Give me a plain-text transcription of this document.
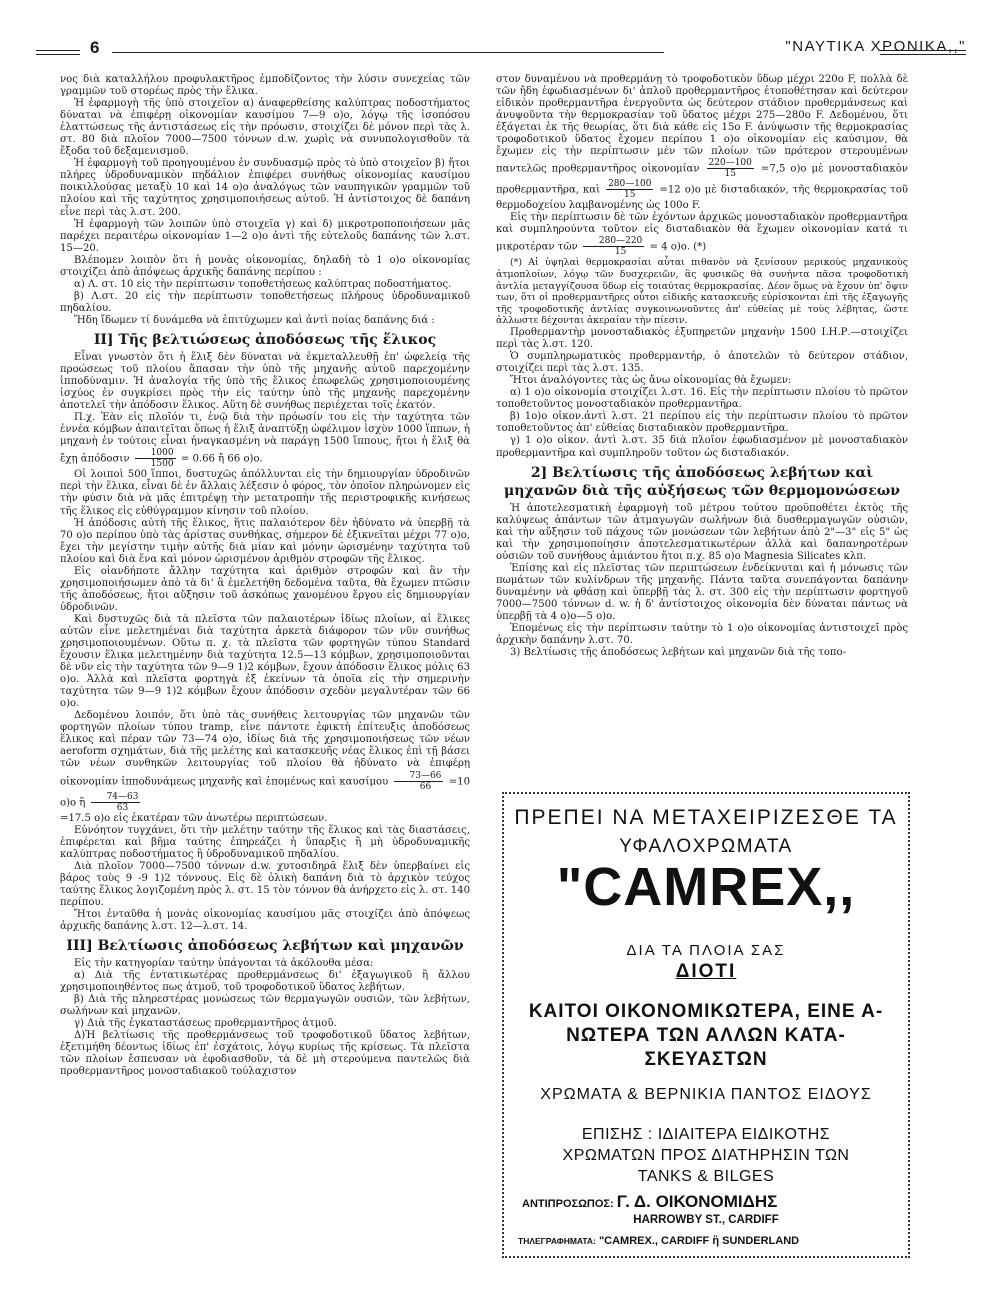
6	"ΝΑΥΤΙΚΑ ΧΡΟΝΙΚΑ,,"

νος διὰ καταλλήλου προφυλακτῆρος ἐμποδίζοντος τὴν λύσιν συνεχείας τῶν γραμμῶν τοῦ στορέως πρὸς τὴν ἕλικα.

Ἡ ἐφαρμογὴ τῆς ὑπὸ στοιχεῖον α) ἀναφερθείσης καλύπτρας ποδοστήματος δύναται νὰ ἐπιφέρῃ οἰκονομίαν καυσίμου 7—9 ο)ο, λόγῳ τῆς ἰσοπόσου ἐλαττώσεως τῆς ἀντιστάσεως εἰς τὴν πρόωσιν, στοιχίζει δὲ μόνον περὶ τὰς λ. στ. 80 διὰ πλοῖον 7000—7500 τόννων d.w. χωρὶς νὰ συνυπολογισθοῦν τὰ ἔξοδα τοῦ δεξαμενισμοῦ.

Ἡ ἐφαρμογὴ τοῦ προηγουμένου ἐν συνδυασμῷ πρὸς τὸ ὑπὸ στοιχεῖον β) ἤτοι πλήρες ὑδροδυναμικὸν πηδάλιον ἐπιφέρει συνήθως οἰκονομίας καυσίμου ποικιλλούσας μεταξὺ 10 καὶ 14 ο)ο ἀναλόγως τῶν ναυπηγικῶν γραμμῶν τοῦ πλοίου καὶ τῆς ταχύτητος χρησιμοποιήσεως αὐτοῦ. Ἡ ἀντίστοιχος δὲ δαπάνη εἶνε περὶ τὰς λ.στ. 200.

Ἡ ἐφαρμογὴ τῶν λοιπῶν ὑπὸ στοιχεῖα γ) καὶ δ) μικροτροποποιήσεων μᾶς παρέχει περαιτέρω οἰκονομίαν 1—2 ο)ο ἀντὶ τῆς εὐτελοῦς δαπάνης τῶν λ.στ. 15—20.

Βλέπομεν λοιπὸν ὅτι ἡ μονὰς οἰκονομίας, δηλαδὴ τὸ 1 ο)ο οἰκονομίας στοιχίζει ἀπὸ ἀπόψεως ἀρχικῆς δαπάνης περίπου :

α) Λ. στ. 10 εἰς τὴν περίπτωσιν τοποθετήσεως καλύπτρας ποδοστήματος.

β) Λ.στ. 20 εἰς τὴν περίπτωσιν τοποθετήσεως πλήρους ὑδροδυναμικοῦ πηδαλίου.

Ἤδη ἴδωμεν τί δυνάμεθα νὰ ἐπιτύχωμεν καὶ ἀντὶ ποίας δαπάνης διά :

ΙΙ] Τῆς βελτιώσεως ἀποδόσεως τῆς ἕλικος

Εἶναι γνωστὸν ὅτι ἡ ἕλιξ δὲν δύναται νὰ ἐκμεταλλευθῇ ἐπ' ὠφελείᾳ τῆς προώσεως τοῦ πλοίου ἅπασαν τὴν ὑπὸ τῆς μηχανῆς αὐτοῦ παρεχομένην ἱπποδύναμιν. Ἡ ἀναλογία τῆς ὑπὸ τῆς ἕλικος ἐπωφελῶς χρησιμοποιουμένης ἰσχύος ἐν συγκρίσει πρὸς τὴν εἰς ταύτην ὑπὸ τῆς μηχανῆς παρεχομένην ἀποτελεῖ τὴν ἀπόδοσιν ἕλικος. Αὕτη δὲ συνήθως περιέχεται τοῖς ἑκατόν.

Π.χ. Ἐὰν εἰς πλοῖόν τι, ἐνῷ διὰ τὴν πρόωσίν του εἰς τὴν ταχύτητα τῶν ἐννέα κόμβων ἀπαιτεῖται ὅπως ἡ ἕλιξ ἀναπτύξῃ ὠφέλιμον ἰσχὺν 1000 ἵππων, ἡ μηχανὴ ἐν τούτοις εἶναι ἠναγκασμένη νὰ παράγῃ 1500 ἵππους, ἤτοι ἡ ἕλιξ θὰ ἔχῃ ἀπόδοσιν $\frac{1000}{1500} = 0.66$ ἤ 66 ο)ο.

Οἱ λοιποὶ 500 ἵπποι, δυστυχῶς ἀπόλλυνται εἰς τὴν δημιουργίαν ὑδροδινῶν περὶ τὴν ἕλικα, εἶναι δὲ ἐν ἄλλαις λέξεσιν ὁ φόρος, τὸν ὁποῖον πληρώνομεν εἰς τὴν φύσιν διὰ νὰ μᾶς ἐπιτρέψῃ τὴν μετατροπὴν τῆς περιστροφικῆς κινήσεως τῆς ἕλικος εἰς εὐθύγραμμον κίνησιν τοῦ πλοίου.

Ἡ ἀπόδοσις αὐτὴ τῆς ἕλικος, ἥτις παλαιότερον δὲν ἠδύνατο νὰ ὑπερβῇ τὰ 70 ο)ο περίπου ὑπὸ τὰς ἀρίστας συνθήκας, σήμερον δὲ ἐξικνεῖται μέχρι 77 ο)ο, ἔχει τὴν μεγίστην τιμὴν αὐτῆς διὰ μίαν καὶ μόνην ὡρισμένην ταχύτητα τοῦ πλοίου καὶ διὰ ἕνα καὶ μόνον ὡρισμένον ἀριθμὸν στροφῶν τῆς ἕλικος.

Εἰς οἱανδήποτε ἄλλην ταχύτητα καὶ ἀριθμὸν στροφῶν καὶ ἂν τὴν χρησιμοποιήσωμεν ἀπὸ τὰ δι' ἃ ἐμελετήθη δεδομένα ταῦτα, θὰ ἔχωμεν πτῶσιν τῆς ἀποδόσεως, ἤτοι αὔξησιν τοῦ ἀσκόπως χανομένου ἔργου εἰς δημιουργίαν ὑδροδινῶν.

Καὶ δυστυχῶς διὰ τὰ πλεῖστα τῶν παλαιοτέρων ἰδίως πλοίων, αἱ ἕλικες αὐτῶν εἶνε μελετημέναι διὰ ταχύτητα ἀρκετὰ διάφορον τῶν νῦν συνήθως χρησιμοποιουμένων. Οὕτω π. χ. τὰ πλεῖστα τῶν φορτηγῶν τύπου Standard ἔχουσιν ἕλικα μελετημένην διὰ ταχύτητα 12.5—13 κόμβων, χρησιμοποιοῦνται δὲ νῦν εἰς τὴν ταχύτητα τῶν 9—9 1)2 κόμβων, ἔχουν ἀπόδοσιν ἕλικος μόλις 63 ο)ο. Ἀλλὰ καὶ πλεῖστα φορτηγὰ ἐξ ἐκείνων τὰ ὁποῖα εἰς τὴν σημερινὴν ταχύτητα τῶν 9—9 1)2 κόμβων ἔχουν ἀπόδοσιν σχεδὸν μεγαλυτέραν τῶν 66 ο)ο.

Δεδομένου λοιπόν, ὅτι ὑπὸ τὰς συνήθεις λειτουργίας τῶν μηχανῶν τῶν φορτηγῶν πλοίων τύπου tramp, εἶνε πάντοτε ἐφικτὴ ἐπίτευξις ἀποδόσεως ἕλικος καὶ πέραν τῶν 73—74 ο)ο, ἰδίως διὰ τῆς χρησιμοποιήσεως τῶν νέων aeroform σχημάτων, διὰ τῆς μελέτης καὶ κατασκευῆς νέας ἕλικος ἐπὶ τῇ βάσει τῶν νέων συνθηκῶν λειτουργίας τοῦ πλοίου θὰ ἠδύνατο νὰ ἐπιφέρῃ οἰκονομίαν ἱπποδυνάμεως μηχανῆς καὶ ἑπομένως καὶ καυσίμου $\frac{73—66}{66} =10$ ο)ο ἢ $\frac{74—63}{63}$

=17.5 ο)ο εἰς ἑκατέραν τῶν ἀνωτέρω περιπτώσεων.

Εὐνόητον τυγχάνει, ὅτι τὴν μελέτην ταύτην τῆς ἕλικος καὶ τὰς διαστάσεις, ἐπιφέρεται καὶ βῆμα ταύτης ἐπηρεάζει ἡ ὕπαρξις ἢ μὴ ὑδροδυναμικῆς καλύπτρας ποδοστήματος ἢ ὑδροδυναμικοῦ πηδαλίου.

Διὰ πλοῖον 7000—7500 τόννων d.w. χυτοσιδηρᾶ ἕλιξ δὲν ὑπερβαίνει εἰς βάρος τοὺς 9 -9 1)2 τόννους. Εἰς δὲ ὁλικὴ δαπάνη διὰ τὸ ἀρχικὸν τεύχος ταύτης ἕλικος λογιζομένη πρὸς λ. στ. 15 τὸν τόννον θὰ ἀνήρχετο εἰς λ. στ. 140 περίπου.

Ἤτοι ἐνταῦθα ἡ μονὰς οἰκονομίας καυσίμου μᾶς στοιχίζει ἀπὸ ἀπόψεως ἀρχικῆς δαπάνης λ.στ. 12—λ.στ. 14.

ΙΙΙ] Βελτίωσις ἀποδόσεως λεβήτων καὶ μηχανῶν

Εἰς τὴν κατηγορίαν ταύτην ὑπάγονται τὰ ἀκόλουθα μέσα:

α) Διὰ τῆς ἐντατικωτέρας προθερμάνσεως δι' ἐξαγωγικοῦ ἢ ἄλλου χρησιμοποιηθέντος πως ἀτμοῦ, τοῦ τροφοδοτικοῦ ὕδατος λεβήτων.

β) Διὰ τῆς πληρεστέρας μονώσεως τῶν θερμαγωγῶν ουσιῶν, τῶν λεβήτων, σωλήνων καὶ μηχανῶν.

γ) Διὰ τῆς ἐγκαταστάσεως προθερμαντῆρος ἀτμοῦ.

Δ)Ἡ βελτίωσις τῆς προθερμάνσεως τοῦ τροφοδοτικοῦ ὕδατος λεβήτων, ἐξετιμήθη δέοντως ἰδίως ἐπ' ἐσχάτοις, λόγῳ κυρίως τῆς κρίσεως. Τὰ πλεῖστα τῶν πλοίων ἔσπευσαν νὰ ἐφοδιασθοῦν, τὰ δὲ μὴ στερούμενα παντελῶς διὰ προθερμαντῆρος μονοσταδιακοῦ τούλαχιστον

στον δυναμένου νὰ προθερμάνῃ τὸ τροφοδοτικὸν ὕδωρ μέχρι 220ο F, πολλὰ δὲ τῶν ἤδη ἐφωδιασμένων δι' ἁπλοῦ προθερμαντῆρος ἐτοποθέτησαν καὶ δεύτερον εἰδικὸν προθερμαντῆρα ἐνεργοῦντα ὡς δεύτερον στάδιον προθερμάνσεως καὶ ἀνυψοῦντα τὴν θερμοκρασίαν τοῦ ὕδατος μέχρι 275—280ο F. Δεδομένου, ὅτι ἐξάγεται ἐκ τῆς θεωρίας, ὅτι διὰ κάθε εἰς 15ο F. ἀνύψωσιν τῆς θερμοκρασίας τροφοδοτικοῦ ὕδατος ἔχομεν περίπου 1 ο)ο οἰκονομίαν εἰς καύσιμον, θὰ ἔχωμεν εἰς τὴν περίπτωσιν μὲν τῶν πλοίων τῶν πρότερον στερουμένων παντελῶς προθερμαντῆρος οἰκονομίαν $\frac{220—100}{15} =7,5$ ο)ο μὲ μονοσταδιακὸν προθερμαντῆρα, καὶ $\frac{280—100}{15} =12$ ο)ο μὲ δισταδιακόν, τῆς θερμοκρασίας τοῦ θερμοδοχείου λαμβανομένης ὡς 100ο F.

Εἰς τὴν περίπτωσιν δὲ τῶν ἐχόντων ἀρχικῶς μονοσταδιακὸν προθερμαντῆρα καὶ συμπληρούντα τοῦτον εἰς δισταδιακὸν θὰ ἔχωμεν οἰκονομίαν κατά τι μικροτέραν τῶν $\frac{280—220}{15} = 4$ ο)ο. (*)

(*) Αἱ ὑψηλαὶ θερμοκρασίαι αὗται πιθανὸν νὰ ξενίσουν μερικοὺς μηχανικοὺς ἀτμοπλοίων, λόγῳ τῶν δυσχερειῶν, ἃς φυσικῶς θὰ συνήντα πᾶσα τροφοδοτικὴ ἀντλία μεταγγίζουσα ὕδωρ εἰς τοιαύτας θερμοκρασίας. Δέον ὅμως νὰ ἔχουν ὑπ' ὄψιν των, ὅτι οἱ προθερμαντῆρες οὗτοι εἰδικῆς κατασκευῆς εὑρίσκονται ἐπὶ τῆς ἐξαγωγῆς τῆς τροφοδοτικῆς ἀντλίας συγκοινωνοῦντες ἀπ' εὐθείας μὲ τοὺς λέβητας, ὥστε ἀλλωστε δέχονται ἀκεραίαν τὴν πίεσιν.

Προθερμαντὴρ μονοσταδιακὸς ἐξυπηρετῶν μηχανὴν 1500 Ι.Η.Ρ.—στοιχίζει περὶ τὰς λ.στ. 120.

Ὁ συμπληρωματικὸς προθερμαντήρ, ὁ ἀποτελῶν τὸ δεύτερον στάδιον, στοιχίζει περὶ τὰς λ.στ. 135.

Ἤτοι ἀναλόγοντες τὰς ὡς ἄνω οἰκονομίας θὰ ἔχωμεν:

α) 1 ο)ο οἰκονομία στοιχίζει λ.στ. 16. Εἰς τὴν περίπτωσιν πλοίου τὸ πρῶτον τοποθετοῦντος μονοσταδιακὸν προθερμαντῆρα.

β) 1ο)ο οἰκον.ἀντὶ λ.στ. 21 περίπου εἰς τὴν περίπτωσιν πλοίου τὸ πρῶτον τοποθετοῦντος ἀπ' εὐθείας δισταδιακὸν προθερμαντῆρα.

γ) 1 ο)ο οἰκον. ἀντὶ λ.στ. 35 διὰ πλοῖον ἐφωδιασμένον μὲ μονοσταδιακὸν προθερμαντῆρα καὶ συμπληροῦν τοῦτον ὡς δισταδιακόν.

2] Βελτίωσις τῆς ἀποδόσεως λεβήτων καὶ μηχανῶν διὰ τῆς αὐξήσεως τῶν θερμομονώσεων

Ἡ ἀποτελεσματικὴ ἐφαρμογὴ τοῦ μέτρου τούτου προϋποθέτει ἐκτὸς τῆς καλύψεως ἁπάντων τῶν ἀτμαγωγῶν σωλήνων διὰ δυσθερμαγωγῶν οὐσιῶν, καὶ τὴν αὔξησιν τοῦ πάχους τῶν μονώσεων τῶν λεβήτων ἀπὸ 2"—3" εἰς 5" ὡς καὶ τὴν χρησιμοποίησιν ἀποτελεσματικωτέρων ἀλλὰ καὶ δαπανηροτέρων οὐσιῶν τοῦ συνήθους ἀμιάντου ἤτοι π.χ. 85 ο)ο Magnesia Silicates κλπ.

Ἐπίσης καὶ εἰς πλεῖστας τῶν περιπτώσεων ἐνδείκνυται καὶ ἡ μόνωσις τῶν πωμάτων τῶν κυλίνδρων τῆς μηχανῆς. Πάντα ταῦτα συνεπάγονται δαπάνην δυναμένην νὰ φθάσῃ καὶ ὑπερβῇ τὰς λ. στ. 300 εἰς τὴν περίπτωσιν φορτηγοῦ 7000—7500 τόννων d. w. ἡ δ' ἀντίστοιχος οἰκονομία δὲν δύναται πάντως νὰ ὑπερβῇ τὰ 4 ο)ο—5 ο)ο.

Ἑπομένως εἰς τὴν περίπτωσιν ταύτην τὸ 1 ο)ο οἰκονομίας ἀντιστοιχεῖ πρὸς ἀρχικὴν δαπάνην λ.στ. 70.

3) Βελτίωσις τῆς ἀποδόσεως λεβήτων καὶ μηχανῶν διὰ τῆς τοπο-

ΠΡΕΠΕΙ ΝΑ ΜΕΤΑΧΕΙΡΙΖΕΣΘΕ ΤΑ
ΥΦΑΛΟΧΡΩΜΑΤΑ
"CAMREX,,
ΔΙΑ ΤΑ ΠΛΟΙΑ ΣΑΣ
ΔΙΟΤΙ
ΚΑΙΤΟΙ ΟΙΚΟΝΟΜΙΚΩΤΕΡΑ, ΕΙΝΕ Α-
ΝΩΤΕΡΑ ΤΩΝ ΑΛΛΩΝ ΚΑΤΑ-
ΣΚΕΥΑΣΤΩΝ
ΧΡΩΜΑΤΑ & ΒΕΡΝΙΚΙΑ ΠΑΝΤΟΣ ΕΙΔΟΥΣ
ΕΠΙΣΗΣ : ΙΔΙΑΙΤΕΡΑ ΕΙΔΙΚΟΤΗΣ
ΧΡΩΜΑΤΩΝ ΠΡΟΣ ΔΙΑΤΗΡΗΣΙΝ ΤΩΝ
TANKS & BILGES
ΑΝΤΙΠΡΟΣΩΠΟΣ: Γ. Δ. ΟΙΚΟΝΟΜΙΔΗΣ
HARROWBY ST., CARDIFF
ΤΗΛΕΓΡΑΦΗΜΑΤΑ: "CAMREX., CARDIFF ἢ SUNDERLAND
